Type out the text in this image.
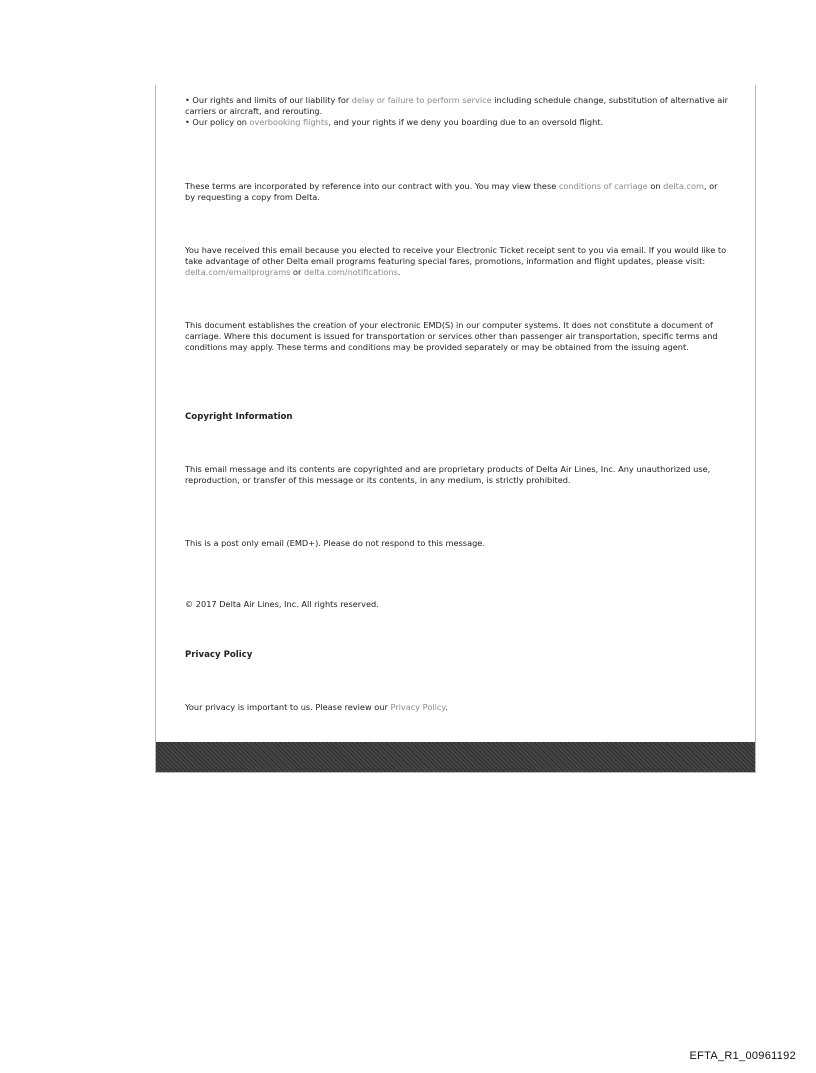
• Our rights and limits of our liability for delay or failure to perform service including schedule change, substitution of alternative air carriers or aircraft, and rerouting.

• Our policy on overbooking flights, and your rights if we deny you boarding due to an oversold flight.

These terms are incorporated by reference into our contract with you. You may view these conditions of carriage on delta.com, or by requesting a copy from Delta.

You have received this email because you elected to receive your Electronic Ticket receipt sent to you via email. If you would like to take advantage of other Delta email programs featuring special fares, promotions, information and flight updates, please visit: delta.com/emailprograms or delta.com/notifications.

This document establishes the creation of your electronic EMD(S) in our computer systems. It does not constitute a document of carriage. Where this document is issued for transportation or services other than passenger air transportation, specific terms and conditions may apply. These terms and conditions may be provided separately or may be obtained from the issuing agent.

Copyright Information

This email message and its contents are copyrighted and are proprietary products of Delta Air Lines, Inc. Any unauthorized use, reproduction, or transfer of this message or its contents, in any medium, is strictly prohibited.

This is a post only email (EMD+). Please do not respond to this message.
© 2017 Delta Air Lines, Inc. All rights reserved.
Privacy Policy

Your privacy is important to us. Please review our Privacy Policy.

EFTA_R1_00961192
